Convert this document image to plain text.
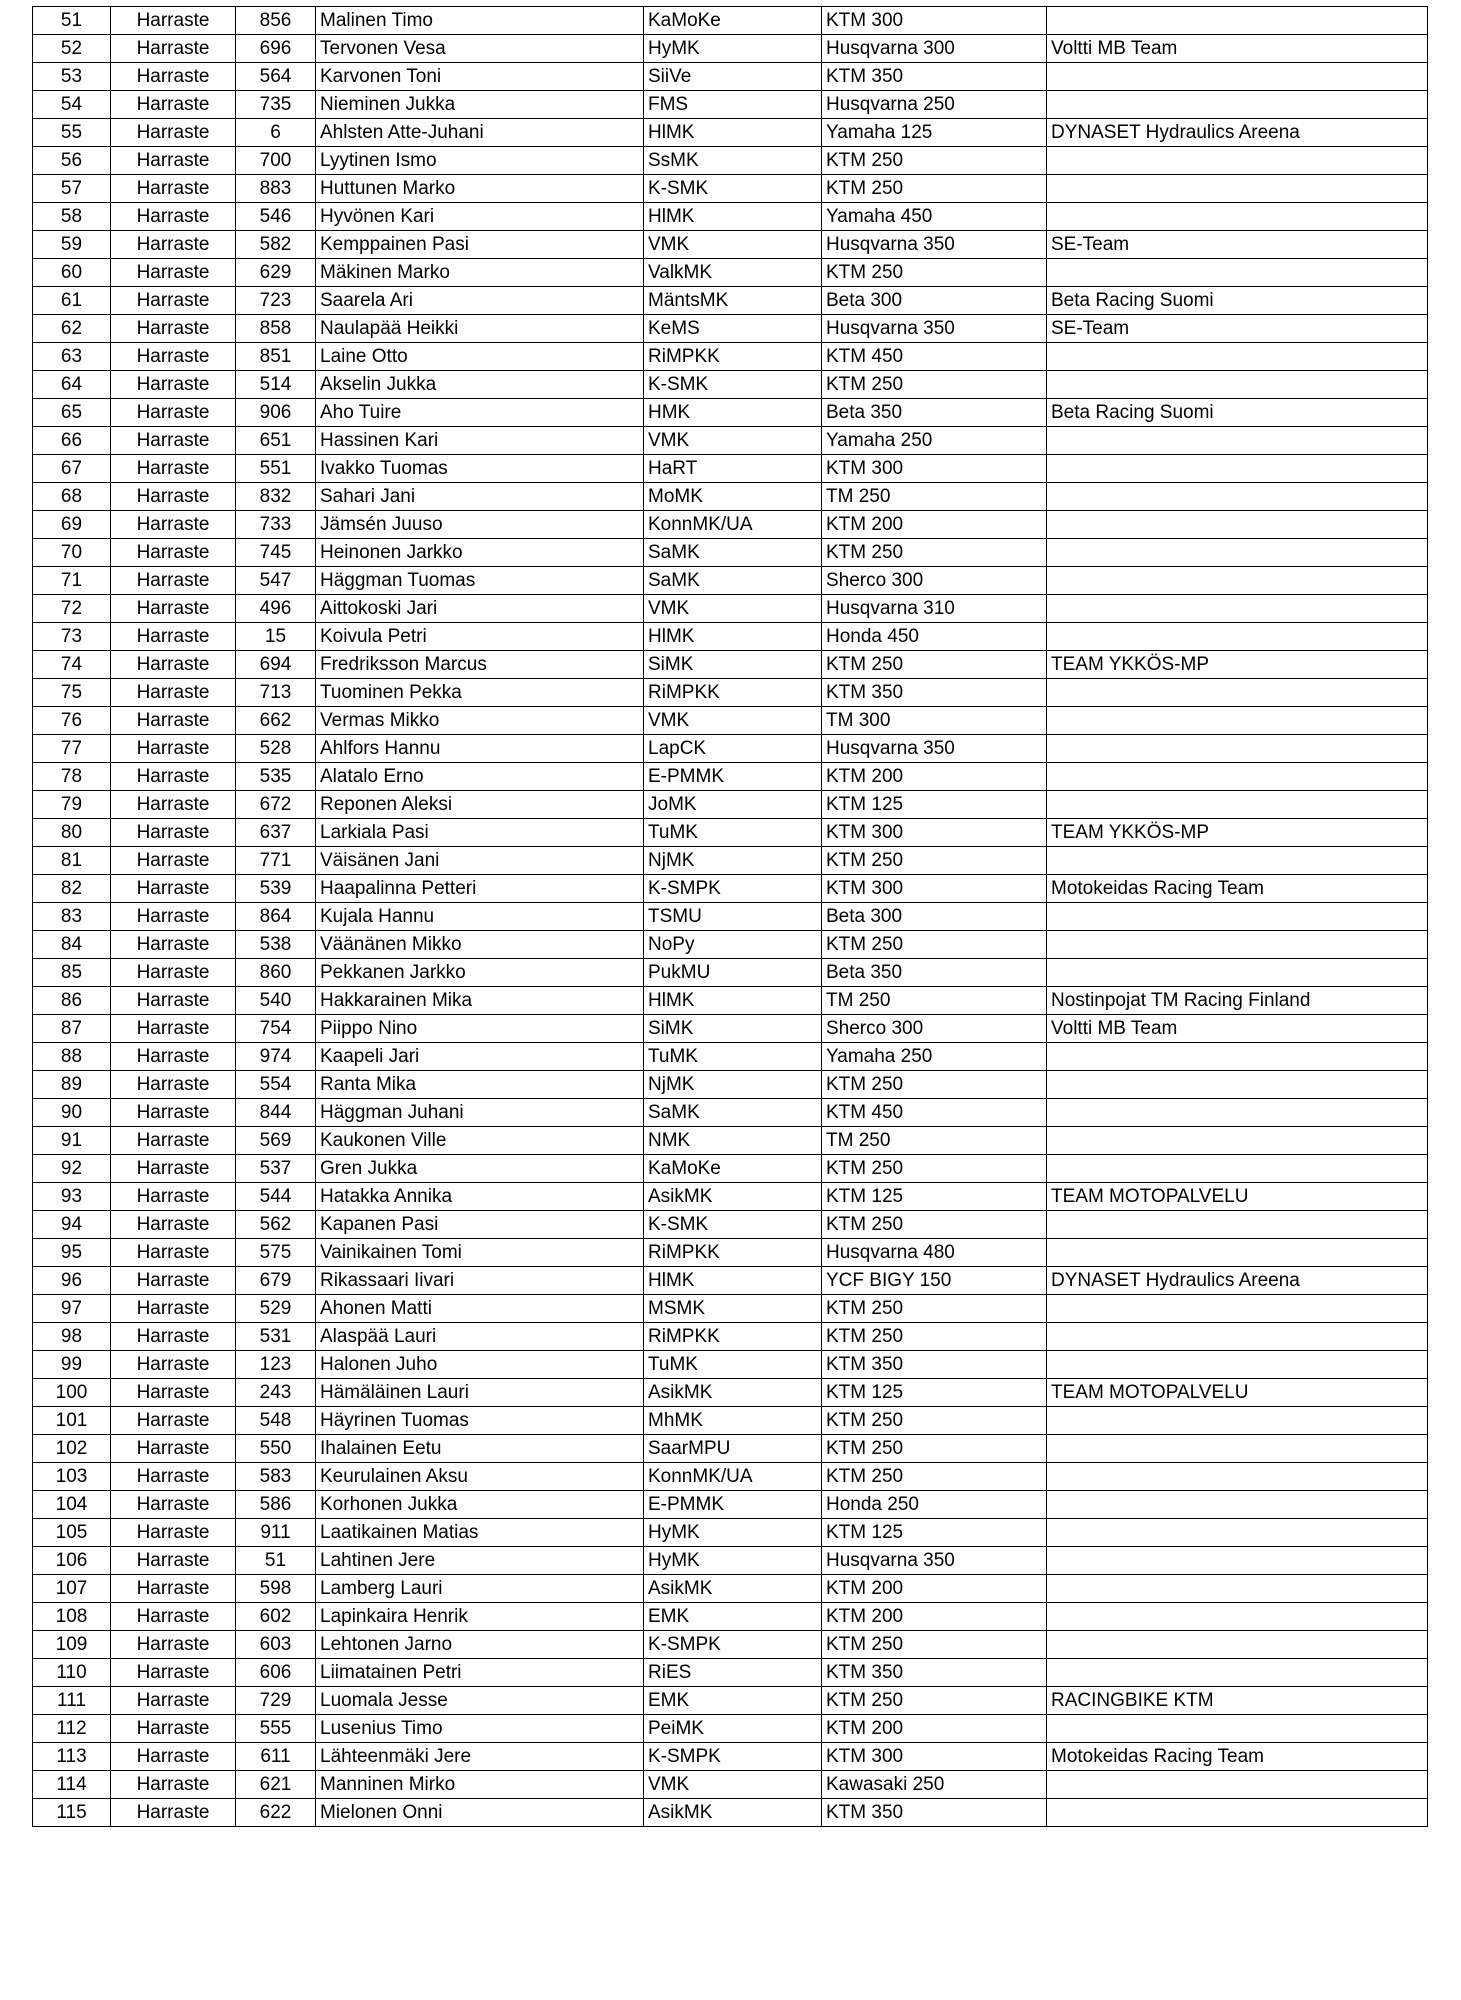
51	Harraste	856	Malinen Timo	KaMoKe	KTM 300	
52	Harraste	696	Tervonen Vesa	HyMK	Husqvarna 300	Voltti MB Team
53	Harraste	564	Karvonen Toni	SiiVe	KTM 350	
54	Harraste	735	Nieminen Jukka	FMS	Husqvarna 250	
55	Harraste	6	Ahlsten Atte-Juhani	HlMK	Yamaha 125	DYNASET Hydraulics Areena
56	Harraste	700	Lyytinen Ismo	SsMK	KTM 250	
57	Harraste	883	Huttunen Marko	K-SMK	KTM 250	
58	Harraste	546	Hyvönen Kari	HlMK	Yamaha 450	
59	Harraste	582	Kemppainen Pasi	VMK	Husqvarna 350	SE-Team
60	Harraste	629	Mäkinen Marko	ValkMK	KTM 250	
61	Harraste	723	Saarela Ari	MäntsMK	Beta 300	Beta Racing Suomi
62	Harraste	858	Naulapää Heikki	KeMS	Husqvarna 350	SE-Team
63	Harraste	851	Laine Otto	RiMPKK	KTM 450	
64	Harraste	514	Akselin Jukka	K-SMK	KTM 250	
65	Harraste	906	Aho Tuire	HMK	Beta 350	Beta Racing Suomi
66	Harraste	651	Hassinen Kari	VMK	Yamaha 250	
67	Harraste	551	Ivakko Tuomas	HaRT	KTM 300	
68	Harraste	832	Sahari Jani	MoMK	TM 250	
69	Harraste	733	Jämsén Juuso	KonnMK/UA	KTM 200	
70	Harraste	745	Heinonen Jarkko	SaMK	KTM 250	
71	Harraste	547	Häggman Tuomas	SaMK	Sherco 300	
72	Harraste	496	Aittokoski Jari	VMK	Husqvarna 310	
73	Harraste	15	Koivula Petri	HlMK	Honda 450	
74	Harraste	694	Fredriksson Marcus	SiMK	KTM 250	TEAM YKKÖS-MP
75	Harraste	713	Tuominen Pekka	RiMPKK	KTM 350	
76	Harraste	662	Vermas Mikko	VMK	TM 300	
77	Harraste	528	Ahlfors Hannu	LapCK	Husqvarna 350	
78	Harraste	535	Alatalo Erno	E-PMMK	KTM 200	
79	Harraste	672	Reponen Aleksi	JoMK	KTM 125	
80	Harraste	637	Larkiala Pasi	TuMK	KTM 300	TEAM YKKÖS-MP
81	Harraste	771	Väisänen Jani	NjMK	KTM 250	
82	Harraste	539	Haapalinna Petteri	K-SMPK	KTM 300	Motokeidas Racing Team
83	Harraste	864	Kujala Hannu	TSMU	Beta 300	
84	Harraste	538	Väänänen Mikko	NoPy	KTM 250	
85	Harraste	860	Pekkanen Jarkko	PukMU	Beta 350	
86	Harraste	540	Hakkarainen Mika	HlMK	TM 250	Nostinpojat TM Racing Finland
87	Harraste	754	Piippo Nino	SiMK	Sherco 300	Voltti MB Team
88	Harraste	974	Kaapeli Jari	TuMK	Yamaha 250	
89	Harraste	554	Ranta Mika	NjMK	KTM 250	
90	Harraste	844	Häggman Juhani	SaMK	KTM 450	
91	Harraste	569	Kaukonen Ville	NMK	TM 250	
92	Harraste	537	Gren Jukka	KaMoKe	KTM 250	
93	Harraste	544	Hatakka Annika	AsikMK	KTM 125	TEAM MOTOPALVELU
94	Harraste	562	Kapanen Pasi	K-SMK	KTM 250	
95	Harraste	575	Vainikainen Tomi	RiMPKK	Husqvarna 480	
96	Harraste	679	Rikassaari Iivari	HlMK	YCF BIGY 150	DYNASET Hydraulics Areena
97	Harraste	529	Ahonen Matti	MSMK	KTM 250	
98	Harraste	531	Alaspää Lauri	RiMPKK	KTM 250	
99	Harraste	123	Halonen Juho	TuMK	KTM 350	
100	Harraste	243	Hämäläinen Lauri	AsikMK	KTM 125	TEAM MOTOPALVELU
101	Harraste	548	Häyrinen Tuomas	MhMK	KTM 250	
102	Harraste	550	Ihalainen Eetu	SaarMPU	KTM 250	
103	Harraste	583	Keurulainen Aksu	KonnMK/UA	KTM 250	
104	Harraste	586	Korhonen Jukka	E-PMMK	Honda 250	
105	Harraste	911	Laatikainen Matias	HyMK	KTM 125	
106	Harraste	51	Lahtinen Jere	HyMK	Husqvarna 350	
107	Harraste	598	Lamberg Lauri	AsikMK	KTM 200	
108	Harraste	602	Lapinkaira Henrik	EMK	KTM 200	
109	Harraste	603	Lehtonen Jarno	K-SMPK	KTM 250	
110	Harraste	606	Liimatainen Petri	RiES	KTM 350	
111	Harraste	729	Luomala Jesse	EMK	KTM 250	RACINGBIKE KTM
112	Harraste	555	Lusenius Timo	PeiMK	KTM 200	
113	Harraste	611	Lähteenmäki Jere	K-SMPK	KTM 300	Motokeidas Racing Team
114	Harraste	621	Manninen Mirko	VMK	Kawasaki 250	
115	Harraste	622	Mielonen Onni	AsikMK	KTM 350	
